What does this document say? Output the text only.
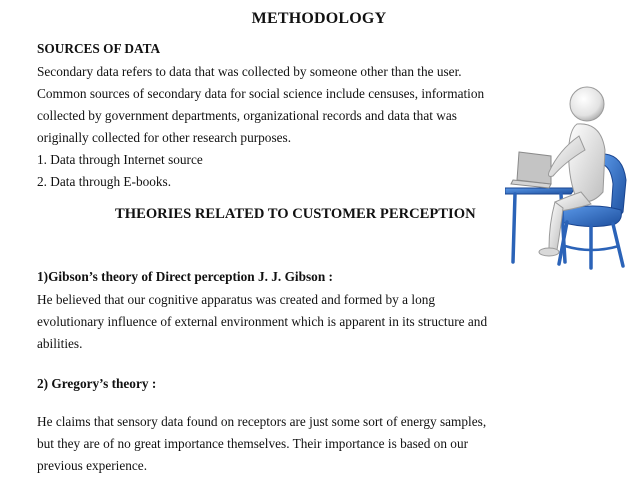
METHODOLOGY
SOURCES OF DATA
Secondary data refers to data that was collected by someone other than the user.
Common sources of secondary data for social science include censuses, information
collected by government departments, organizational records and data that was
originally collected for other research purposes.
1. Data through Internet source
2. Data through E-books.
THEORIES RELATED TO CUSTOMER PERCEPTION
1)Gibson’s theory of Direct perception J. J. Gibson :
He believed that our cognitive apparatus was created and formed by a long
evolutionary influence of external environment which is apparent in its structure and
abilities.
2) Gregory’s theory :
He claims that sensory data found on receptors are just some sort of energy samples,
but they are of no great importance themselves. Their importance is based on our
previous experience.
